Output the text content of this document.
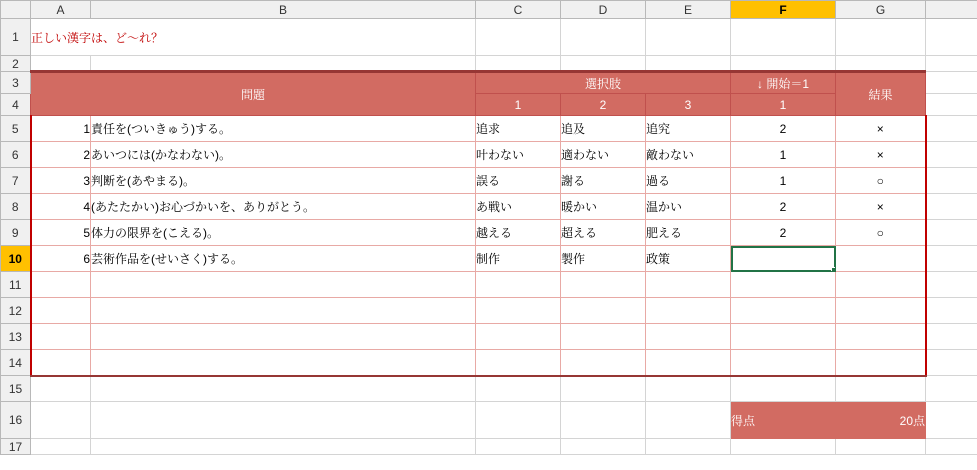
	A	B	C	D	E	F	G	
1	正しい漢字は、ど～れ？							
2								
3	問題		選択肢			↓ 開始＝1	結果	
4			1	2	3	1		
5	1	責任を(ついきゅう)する。	追求	追及	追究	2	×	
6	2	あいつには(かなわない)。	叶わない	適わない	敵わない	1	×	
7	3	判断を(あやまる)。	誤る	謝る	過る	1	○	
8	4	(あたたかい)お心づかいを、ありがとう。	あ戦い	暖かい	温かい	2	×	
9	5	体力の限界を(こえる)。	越える	超える	肥える	2	○	
10	6	芸術作品を(せいさく)する。	制作	製作	政策			
11								
12								
13								
14								
15								
16						得点	20点	
17								
